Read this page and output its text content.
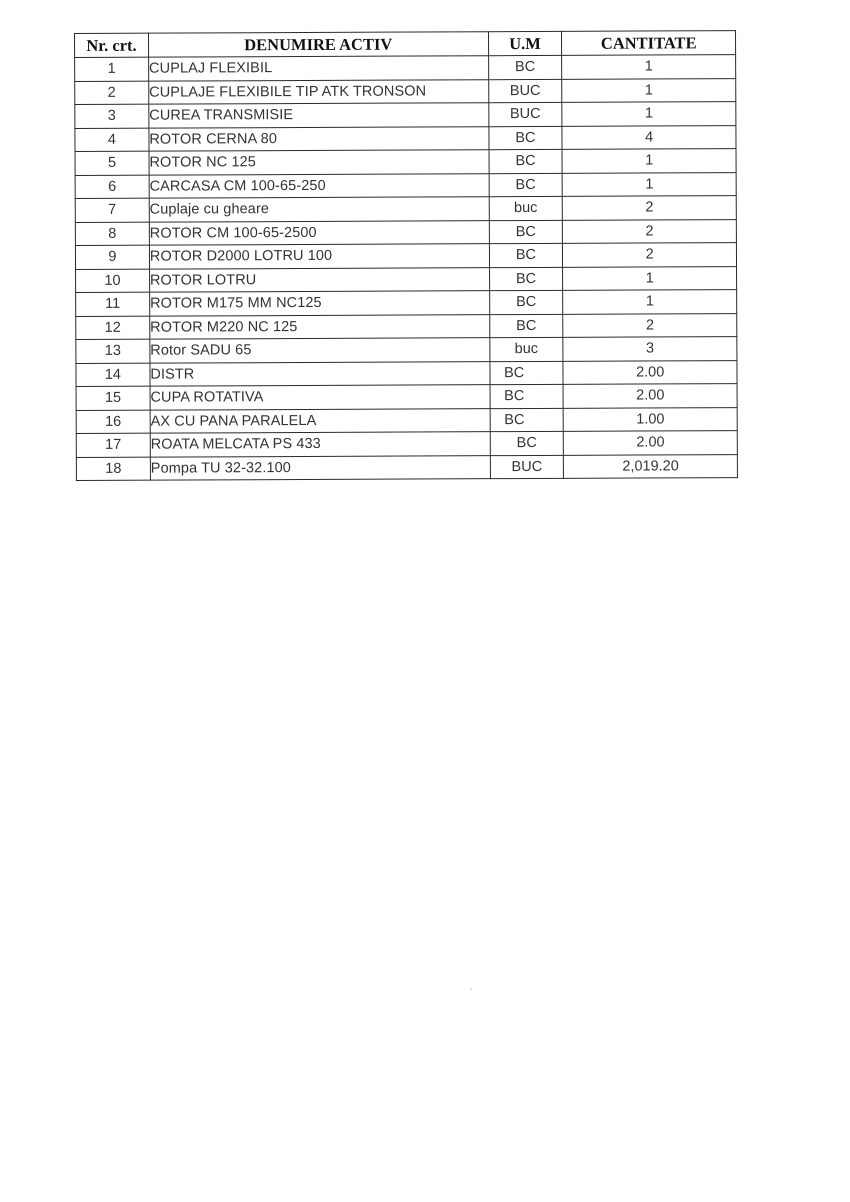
Nr. crt.	DENUMIRE ACTIV	U.M	CANTITATE
1	CUPLAJ FLEXIBIL	BC	1
2	CUPLAJE FLEXIBILE TIP ATK TRONSON	BUC	1
3	CUREA TRANSMISIE	BUC	1
4	ROTOR CERNA 80	BC	4
5	ROTOR NC 125	BC	1
6	CARCASA CM 100-65-250	BC	1
7	Cuplaje cu gheare	buc	2
8	ROTOR CM 100-65-2500	BC	2
9	ROTOR D2000 LOTRU 100	BC	2
10	ROTOR LOTRU	BC	1
11	ROTOR M175 MM NC125	BC	1
12	ROTOR M220 NC 125	BC	2
13	Rotor SADU 65	buc	3
14	DISTR	BC	2.00
15	CUPA ROTATIVA	BC	2.00
16	AX CU PANA PARALELA	BC	1.00
17	ROATA MELCATA PS 433	BC	2.00
18	Pompa TU 32-32.100	BUC	2,019.20
